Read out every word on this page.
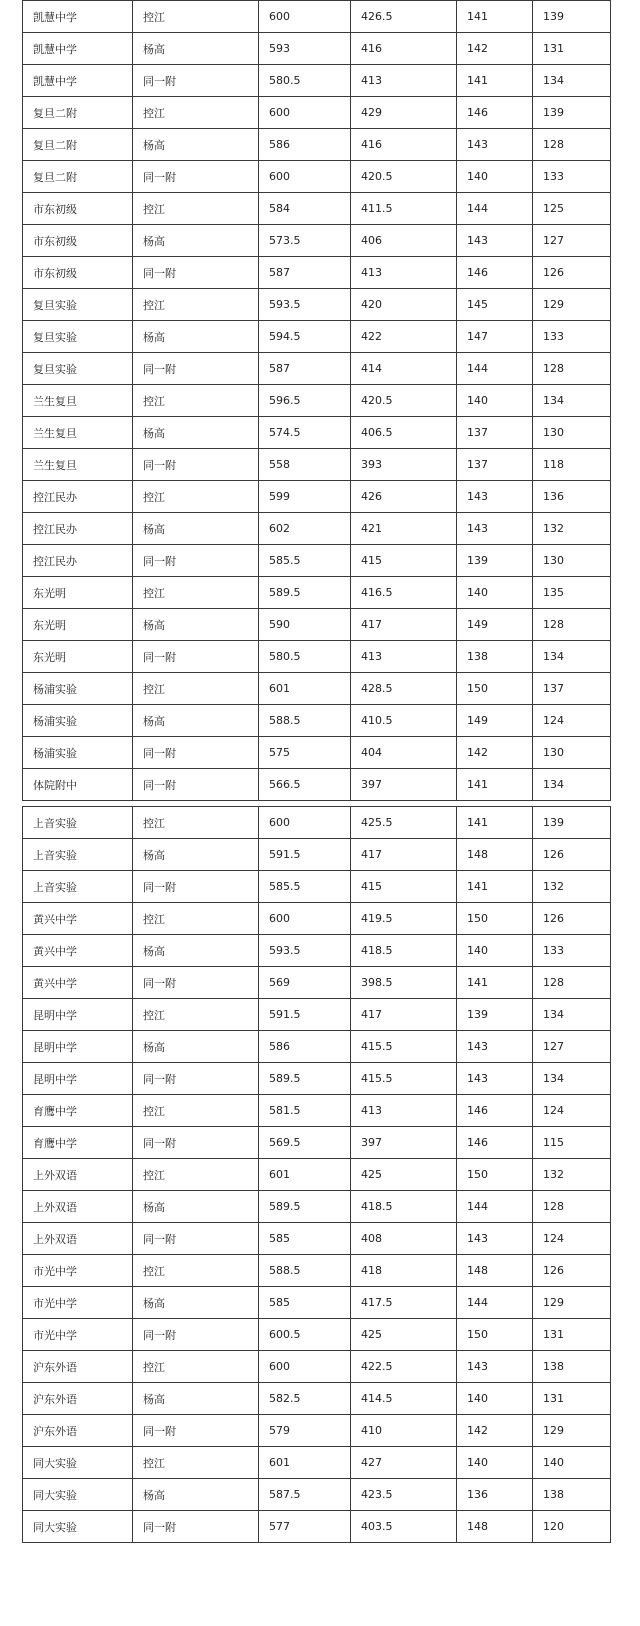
凯慧中学	控江	600	426.5	141	139
凯慧中学	杨高	593	416	142	131
凯慧中学	同一附	580.5	413	141	134
复旦二附	控江	600	429	146	139
复旦二附	杨高	586	416	143	128
复旦二附	同一附	600	420.5	140	133
市东初级	控江	584	411.5	144	125
市东初级	杨高	573.5	406	143	127
市东初级	同一附	587	413	146	126
复旦实验	控江	593.5	420	145	129
复旦实验	杨高	594.5	422	147	133
复旦实验	同一附	587	414	144	128
兰生复旦	控江	596.5	420.5	140	134
兰生复旦	杨高	574.5	406.5	137	130
兰生复旦	同一附	558	393	137	118
控江民办	控江	599	426	143	136
控江民办	杨高	602	421	143	132
控江民办	同一附	585.5	415	139	130
东光明	控江	589.5	416.5	140	135
东光明	杨高	590	417	149	128
东光明	同一附	580.5	413	138	134
杨浦实验	控江	601	428.5	150	137
杨浦实验	杨高	588.5	410.5	149	124
杨浦实验	同一附	575	404	142	130
体院附中	同一附	566.5	397	141	134
上音实验	控江	600	425.5	141	139
上音实验	杨高	591.5	417	148	126
上音实验	同一附	585.5	415	141	132
黄兴中学	控江	600	419.5	150	126
黄兴中学	杨高	593.5	418.5	140	133
黄兴中学	同一附	569	398.5	141	128
昆明中学	控江	591.5	417	139	134
昆明中学	杨高	586	415.5	143	127
昆明中学	同一附	589.5	415.5	143	134
育鹰中学	控江	581.5	413	146	124
育鹰中学	同一附	569.5	397	146	115
上外双语	控江	601	425	150	132
上外双语	杨高	589.5	418.5	144	128
上外双语	同一附	585	408	143	124
市光中学	控江	588.5	418	148	126
市光中学	杨高	585	417.5	144	129
市光中学	同一附	600.5	425	150	131
沪东外语	控江	600	422.5	143	138
沪东外语	杨高	582.5	414.5	140	131
沪东外语	同一附	579	410	142	129
同大实验	控江	601	427	140	140
同大实验	杨高	587.5	423.5	136	138
同大实验	同一附	577	403.5	148	120
